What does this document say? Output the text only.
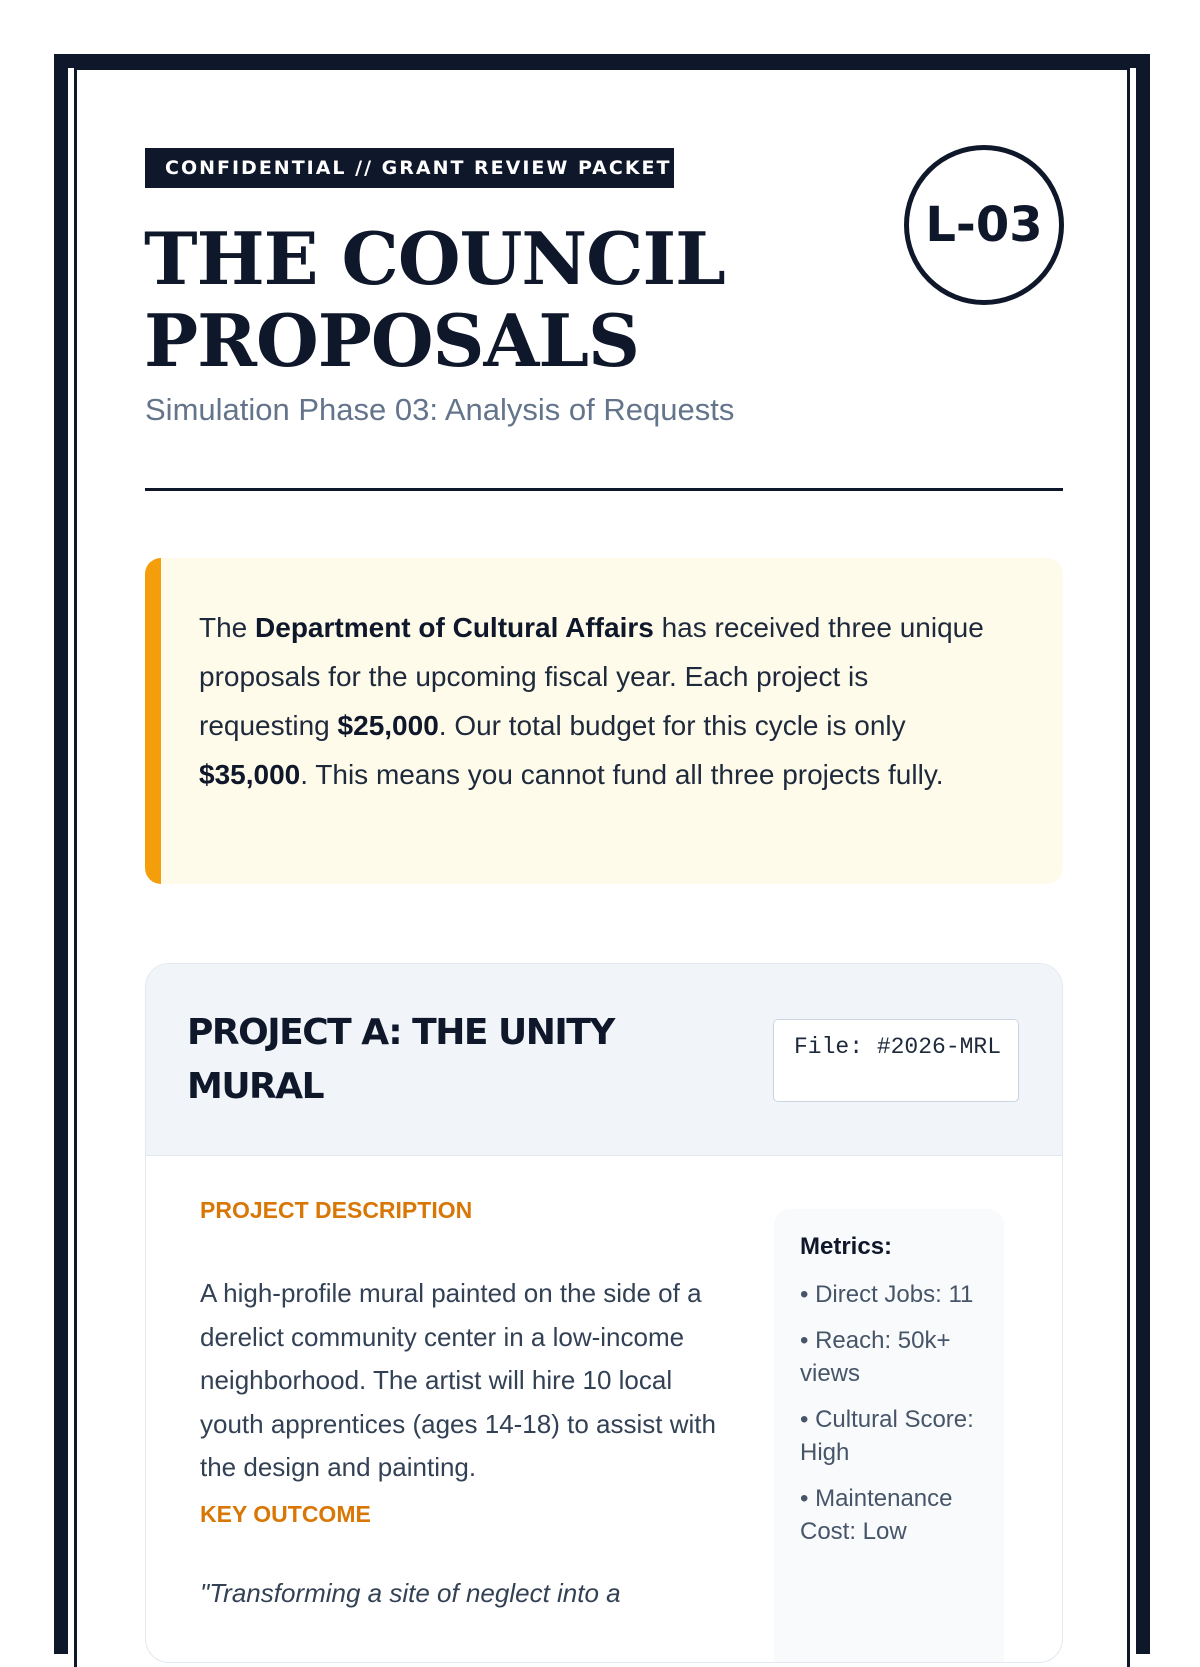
CONFIDENTIAL // GRANT REVIEW PACKET
THE COUNCIL
PROPOSALS
L-03
Simulation Phase 03: Analysis of Requests
The Department of Cultural Affairs has received three unique proposals for the upcoming fiscal year. Each project is requesting $25,000. Our total budget for this cycle is only $35,000. This means you cannot fund all three projects fully.
PROJECT A: THE UNITY MURAL
File: #2026-MRL
PROJECT DESCRIPTION
A high-profile mural painted on the side of a derelict community center in a low-income neighborhood. The artist will hire 10 local youth apprentices (ages 14-18) to assist with the design and painting.
KEY OUTCOME
"Transforming a site of neglect into a
Metrics:
• Direct Jobs: 11
• Reach: 50k+ views
• Cultural Score: High
• Maintenance Cost: Low
